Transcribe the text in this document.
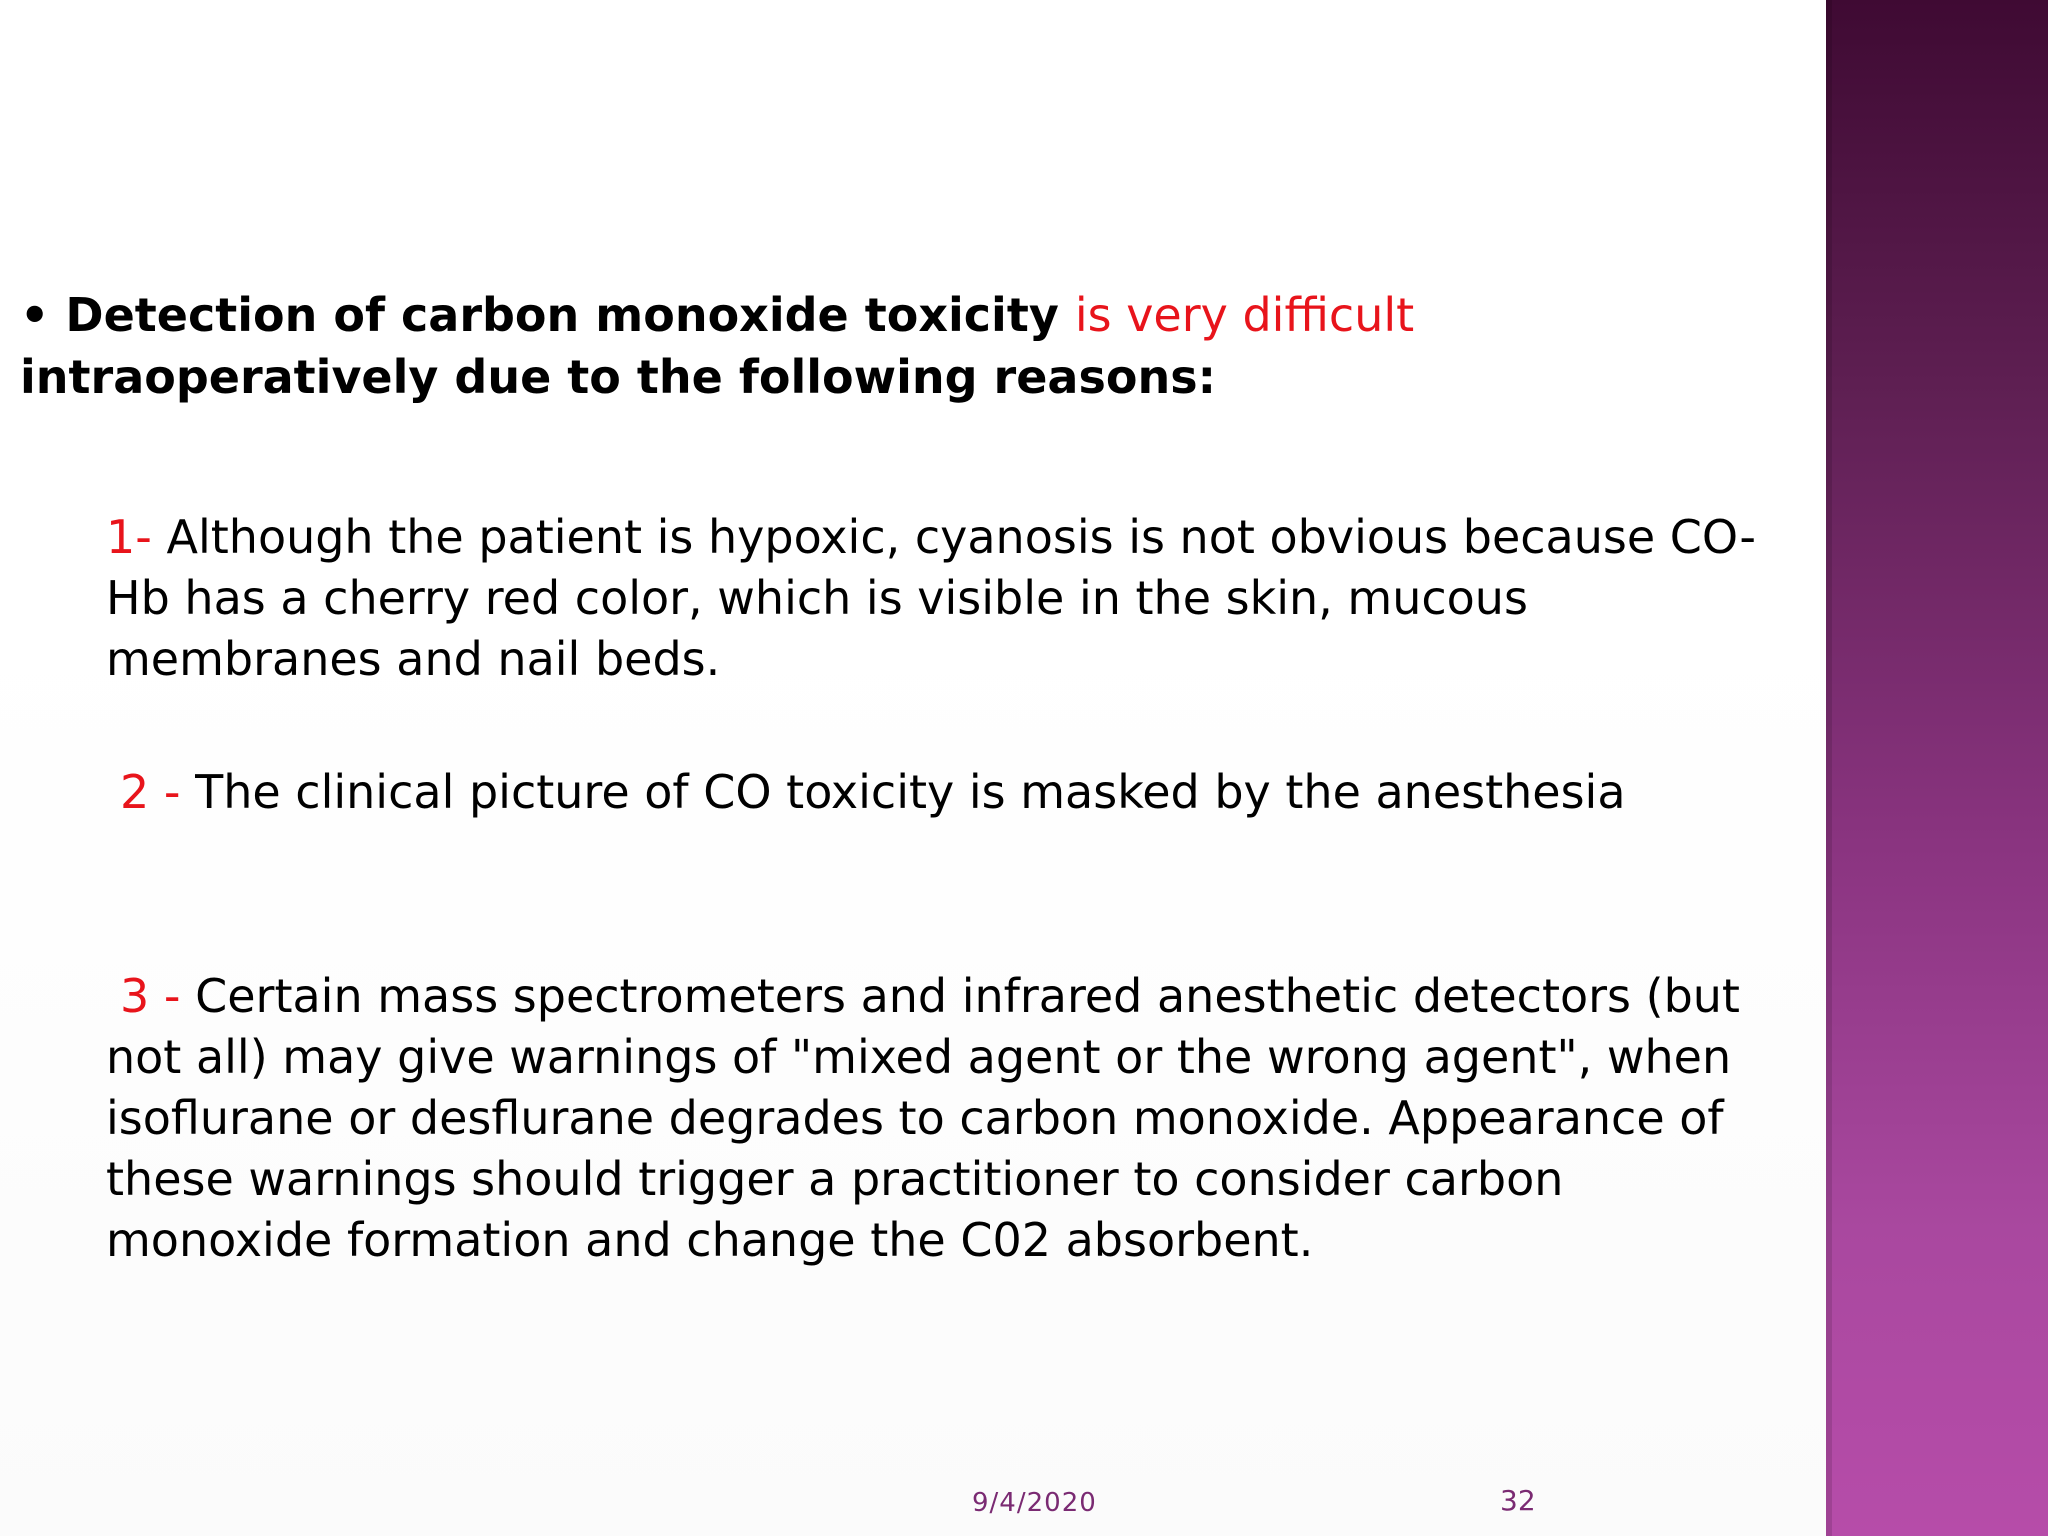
• Detection of carbon monoxide toxicity is very difficult intraoperatively due to the following reasons:
1- Although the patient is hypoxic, cyanosis is not obvious because CO-Hb has a cherry red color, which is visible in the skin, mucous membranes and nail beds.
2 - The clinical picture of CO toxicity is masked by the anesthesia
3 - Certain mass spectrometers and infrared anesthetic detectors (but not all) may give warnings of "mixed agent or the wrong agent", when isoflurane or desflurane degrades to carbon monoxide. Appearance of these warnings should trigger a practitioner to consider carbon monoxide formation and change the C02 absorbent.
9/4/2020	32
